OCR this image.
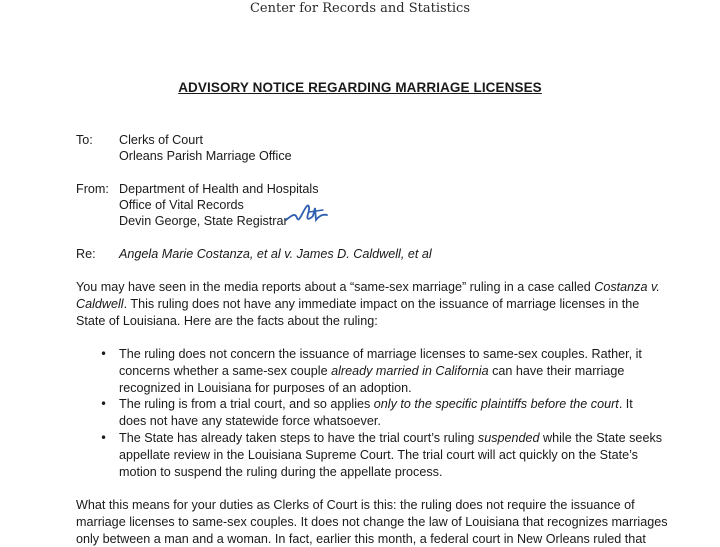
Center for Records and Statistics
ADVISORY NOTICE REGARDING MARRIAGE LICENSES
To: Clerks of Court
Orleans Parish Marriage Office
From: Department of Health and Hospitals
Office of Vital Records
Devin George, State Registrar
Re: Angela Marie Costanza, et al v. James D. Caldwell, et al
You may have seen in the media reports about a “same-sex marriage” ruling in a case called Costanza v.
Caldwell. This ruling does not have any immediate impact on the issuance of marriage licenses in the
State of Louisiana. Here are the facts about the ruling:
• The ruling does not concern the issuance of marriage licenses to same-sex couples. Rather, it
concerns whether a same-sex couple already married in California can have their marriage
recognized in Louisiana for purposes of an adoption.
• The ruling is from a trial court, and so applies only to the specific plaintiffs before the court. It
does not have any statewide force whatsoever.
• The State has already taken steps to have the trial court’s ruling suspended while the State seeks
appellate review in the Louisiana Supreme Court. The trial court will act quickly on the State’s
motion to suspend the ruling during the appellate process.
What this means for your duties as Clerks of Court is this: the ruling does not require the issuance of
marriage licenses to same-sex couples. It does not change the law of Louisiana that recognizes marriages
only between a man and a woman. In fact, earlier this month, a federal court in New Orleans ruled that
